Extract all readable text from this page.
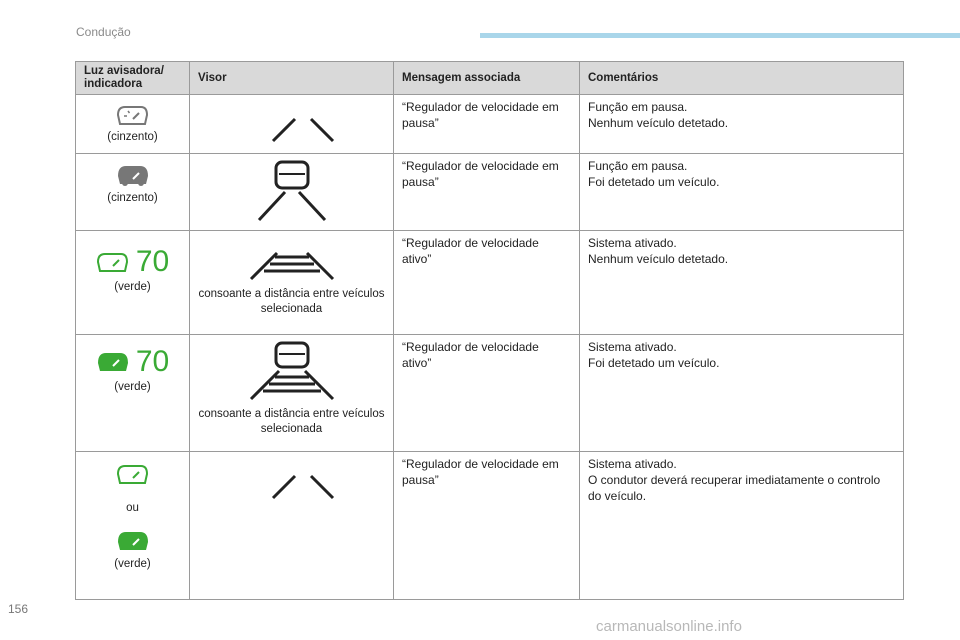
Condução
Luz avisadora/
indicadora	Visor	Mensagem associada	Comentários

(cinzento)		“Regulador de velocidade em pausa”	Função em pausa.
Nenhum veículo detetado.

(cinzento)		“Regulador de velocidade em pausa”	Função em pausa.
Foi detetado um veículo.

70
(verde)	consoante a distância entre veículos selecionada	“Regulador de velocidade ativo”	Sistema ativado.
Nenhum veículo detetado.

70
(verde)	consoante a distância entre veículos selecionada	“Regulador de velocidade ativo”	Sistema ativado.
Foi detetado um veículo.

ou
(verde)		“Regulador de velocidade em pausa”	Sistema ativado.
O condutor deverá recuperar imediatamente o controlo do veículo.
156
carmanualsonline.info
